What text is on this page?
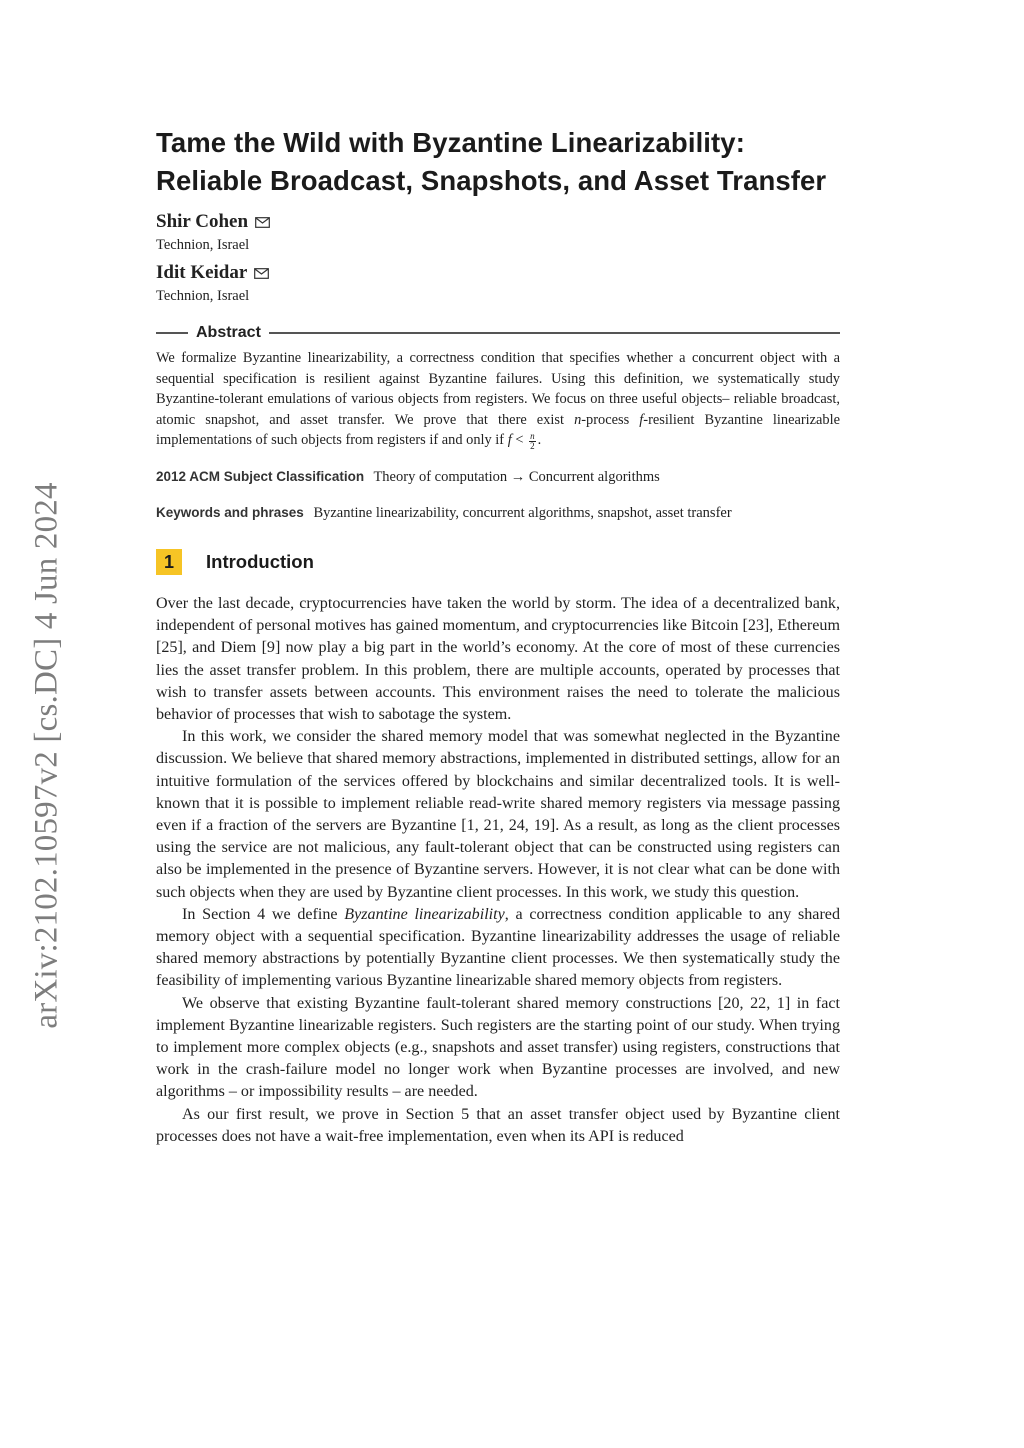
arXiv:2102.10597v2 [cs.DC] 4 Jun 2024
Tame the Wild with Byzantine Linearizability:
Reliable Broadcast, Snapshots, and Asset Transfer
Shir Cohen
Technion, Israel
Idit Keidar
Technion, Israel
Abstract
We formalize Byzantine linearizability, a correctness condition that specifies whether a concurrent object with a sequential specification is resilient against Byzantine failures. Using this definition, we systematically study Byzantine-tolerant emulations of various objects from registers. We focus on three useful objects– reliable broadcast, atomic snapshot, and asset transfer. We prove that there exist n-process f-resilient Byzantine linearizable implementations of such objects from registers if and only if $f < \frac{n}{2}$ .
2012 ACM Subject Classification Theory of computation → Concurrent algorithms
Keywords and phrases Byzantine linearizability, concurrent algorithms, snapshot, asset transfer
1	Introduction

Over the last decade, cryptocurrencies have taken the world by storm. The idea of a decentralized bank, independent of personal motives has gained momentum, and cryptocurrencies like Bitcoin [23], Ethereum [25], and Diem [9] now play a big part in the world’s economy. At the core of most of these currencies lies the asset transfer problem. In this problem, there are multiple accounts, operated by processes that wish to transfer assets between accounts. This environment raises the need to tolerate the malicious behavior of processes that wish to sabotage the system.

In this work, we consider the shared memory model that was somewhat neglected in the Byzantine discussion. We believe that shared memory abstractions, implemented in distributed settings, allow for an intuitive formulation of the services offered by blockchains and similar decentralized tools. It is well-known that it is possible to implement reliable read-write shared memory registers via message passing even if a fraction of the servers are Byzantine [1, 21, 24, 19]. As a result, as long as the client processes using the service are not malicious, any fault-tolerant object that can be constructed using registers can also be implemented in the presence of Byzantine servers. However, it is not clear what can be done with such objects when they are used by Byzantine client processes. In this work, we study this question.

In Section 4 we define Byzantine linearizability, a correctness condition applicable to any shared memory object with a sequential specification. Byzantine linearizability addresses the usage of reliable shared memory abstractions by potentially Byzantine client processes. We then systematically study the feasibility of implementing various Byzantine linearizable shared memory objects from registers.

We observe that existing Byzantine fault-tolerant shared memory constructions [20, 22, 1] in fact implement Byzantine linearizable registers. Such registers are the starting point of our study. When trying to implement more complex objects (e.g., snapshots and asset transfer) using registers, constructions that work in the crash-failure model no longer work when Byzantine processes are involved, and new algorithms – or impossibility results – are needed.

As our first result, we prove in Section 5 that an asset transfer object used by Byzantine client processes does not have a wait-free implementation, even when its API is reduced
